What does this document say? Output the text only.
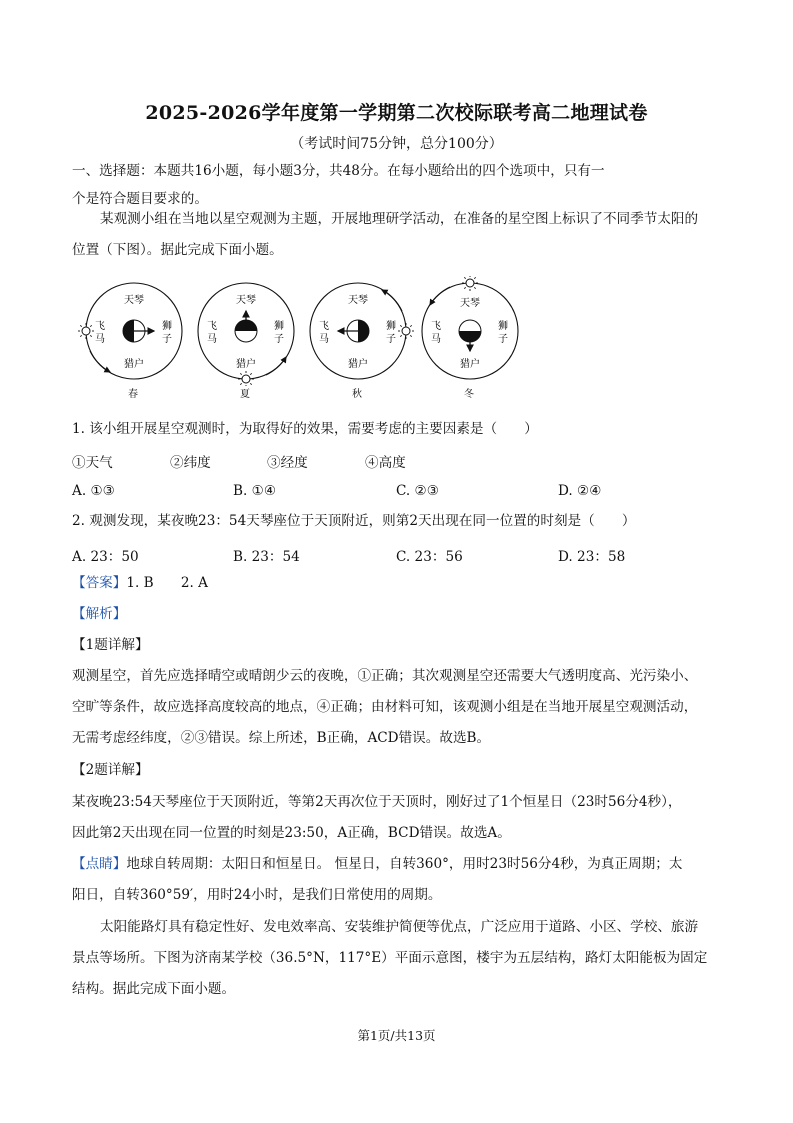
2025-2026学年度第一学期第二次校际联考高二地理试卷
（考试时间75分钟，总分100分）
一、选择题：本题共16小题，每小题3分，共48分。在每小题给出的四个选项中，只有一
个是符合题目要求的。
某观测小组在当地以星空观测为主题，开展地理研学活动，在准备的星空图上标识了不同季节太阳的
位置（下图）。据此完成下面小题。
天琴
猎户
飞
马
狮
子
天琴
猎户
飞
马
狮
子
天琴
猎户
飞
马
狮
子
天琴
猎户
飞
马
狮
子
春	夏	秋	冬
1. 该小组开展星空观测时，为取得好的效果，需要考虑的主要因素是（　　）
①天气	②纬度	③经度	④高度
A. ①③	B. ①④	C. ②③	D. ②④
2. 观测发现，某夜晚23：54天琴座位于天顶附近，则第2天出现在同一位置的时刻是（　　）
A. 23：50	B. 23：54	C. 23：56	D. 23：58
【答案】1. B　　2. A
【解析】
【1题详解】
观测星空，首先应选择晴空或晴朗少云的夜晚，①正确；其次观测星空还需要大气透明度高、光污染小、
空旷等条件，故应选择高度较高的地点，④正确；由材料可知，该观测小组是在当地开展星空观测活动，
无需考虑经纬度，②③错误。综上所述，B正确，ACD错误。故选B。
【2题详解】
某夜晚23:54天琴座位于天顶附近，等第2天再次位于天顶时，刚好过了1个恒星日（23时56分4秒），
因此第2天出现在同一位置的时刻是23:50，A正确，BCD错误。故选A。
【点睛】地球自转周期：太阳日和恒星日。 恒星日，自转360°，用时23时56分4秒，为真正周期；太
阳日，自转360°59′，用时24小时，是我们日常使用的周期。
太阳能路灯具有稳定性好、发电效率高、安装维护简便等优点，广泛应用于道路、小区、学校、旅游
景点等场所。下图为济南某学校（36.5°N，117°E）平面示意图，楼宇为五层结构，路灯太阳能板为固定
结构。据此完成下面小题。
第1页/共13页
